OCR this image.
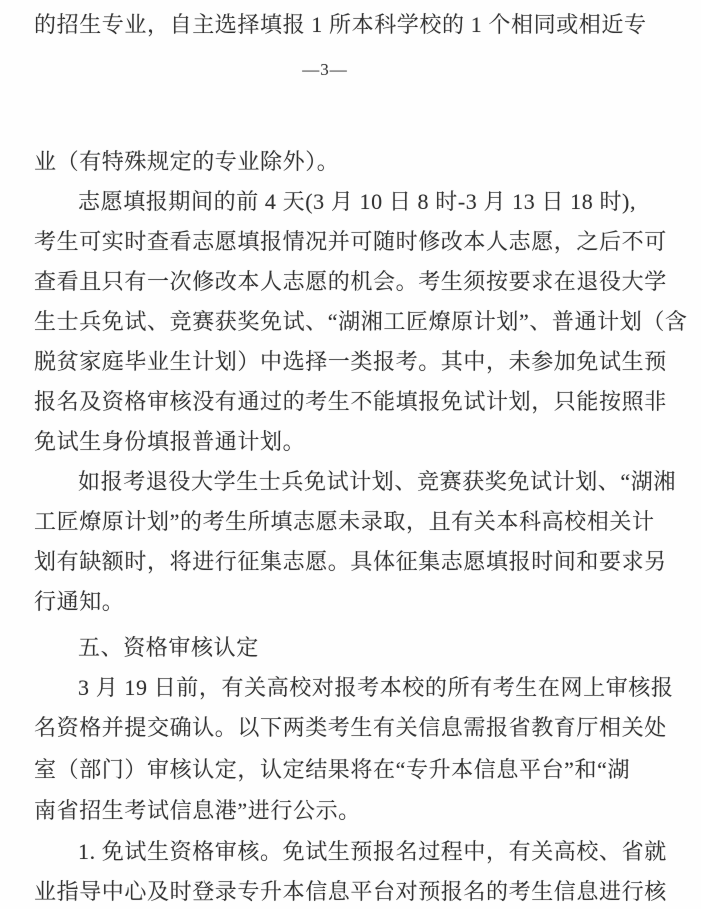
的招生专业，自主选择填报 1 所本科学校的 1 个相同或相近专
—3—
业（有特殊规定的专业除外）。
志愿填报期间的前 4 天(3 月 10 日 8 时-3 月 13 日 18 时),
考生可实时查看志愿填报情况并可随时修改本人志愿，之后不可
查看且只有一次修改本人志愿的机会。考生须按要求在退役大学
生士兵免试、竞赛获奖免试、“湖湘工匠燎原计划”、普通计划（含
脱贫家庭毕业生计划）中选择一类报考。其中，未参加免试生预
报名及资格审核没有通过的考生不能填报免试计划，只能按照非
免试生身份填报普通计划。
如报考退役大学生士兵免试计划、竞赛获奖免试计划、“湖湘
工匠燎原计划”的考生所填志愿未录取，且有关本科高校相关计
划有缺额时，将进行征集志愿。具体征集志愿填报时间和要求另
行通知。
五、资格审核认定
3 月 19 日前，有关高校对报考本校的所有考生在网上审核报
名资格并提交确认。以下两类考生有关信息需报省教育厅相关处
室（部门）审核认定，认定结果将在“专升本信息平台”和“湖
南省招生考试信息港”进行公示。
1. 免试生资格审核。免试生预报名过程中，有关高校、省就
业指导中心及时登录专升本信息平台对预报名的考生信息进行核
